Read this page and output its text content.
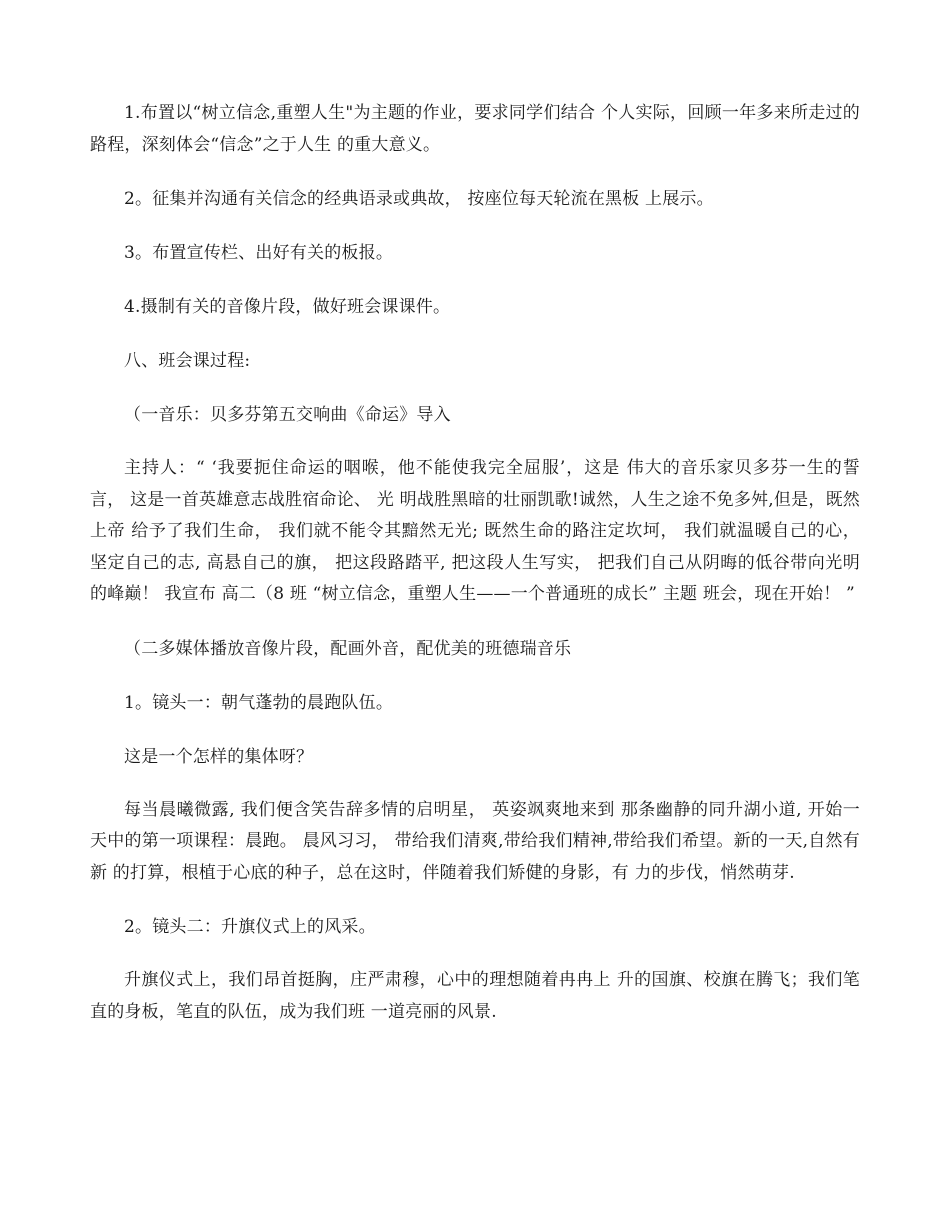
1.布置以“树立信念,重塑人生"为主题的作业，要求同学们结合 个人实际，回顾一年多来所走过的路程，深刻体会“信念”之于人生 的重大意义。

2。征集并沟通有关信念的经典语录或典故， 按座位每天轮流在黑板 上展示。

3。布置宣传栏、出好有关的板报。

4.摄制有关的音像片段，做好班会课课件。

八、班会课过程:

（一音乐：贝多芬第五交响曲《命运》导入

主持人：“ ‘我要扼住命运的咽喉，他不能使我完全屈服’，这是 伟大的音乐家贝多芬一生的誓言， 这是一首英雄意志战胜宿命论、 光 明战胜黑暗的壮丽凯歌!诚然，人生之途不免多舛,但是，既然上帝 给予了我们生命， 我们就不能令其黯然无光; 既然生命的路注定坎坷， 我们就温暖自己的心， 坚定自己的志, 高悬自己的旗， 把这段路踏平, 把这段人生写实， 把我们自己从阴晦的低谷带向光明的峰巅！ 我宣布 高二（8 班 “树立信念，重塑人生——一个普通班的成长” 主题 班会，现在开始！ ”

（二多媒体播放音像片段，配画外音，配优美的班德瑞音乐

1。镜头一：朝气蓬勃的晨跑队伍。

这是一个怎样的集体呀？

每当晨曦微露, 我们便含笑告辞多情的启明星， 英姿飒爽地来到 那条幽静的同升湖小道, 开始一天中的第一项课程：晨跑。 晨风习习， 带给我们清爽,带给我们精神,带给我们希望。新的一天,自然有新 的打算，根植于心底的种子，总在这时，伴随着我们矫健的身影，有 力的步伐，悄然萌芽.

2。镜头二：升旗仪式上的风采。

升旗仪式上，我们昂首挺胸，庄严肃穆，心中的理想随着冉冉上 升的国旗、校旗在腾飞；我们笔直的身板，笔直的队伍，成为我们班 一道亮丽的风景.
